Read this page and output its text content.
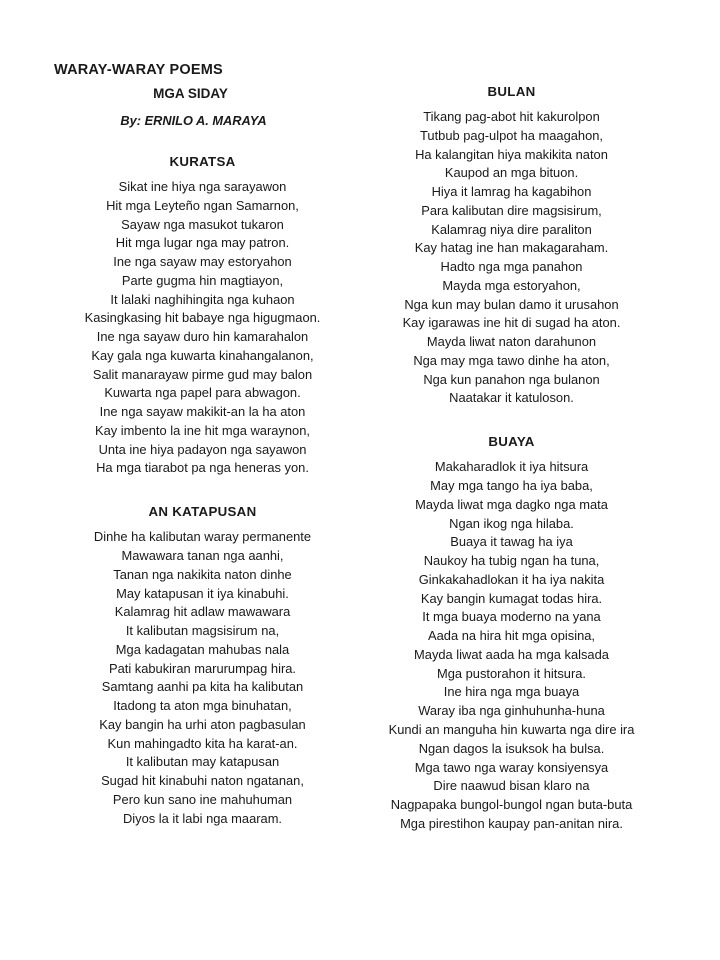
WARAY-WARAY POEMS
MGA SIDAY
By: ERNILO A. MARAYA
KURATSA
Sikat ine hiya nga sarayawon
Hit mga Leyteño ngan Samarnon,
Sayaw nga masukot tukaron
Hit mga lugar nga may patron.
Ine nga sayaw may estoryahon
Parte gugma hin magtiayon,
It lalaki naghihingita nga kuhaon
Kasingkasing hit babaye nga higugmaon.
Ine nga sayaw duro hin kamarahalon
Kay gala nga kuwarta kinahangalanon,
Salit manarayaw pirme gud may balon
Kuwarta nga papel para abwagon.
Ine nga sayaw makikit-an la ha aton
Kay imbento la ine hit mga waraynon,
Unta ine hiya padayon nga sayawon
Ha mga tiarabot pa nga heneras yon.
AN KATAPUSAN
Dinhe ha kalibutan waray permanente
Mawawara tanan nga aanhi,
Tanan nga nakikita naton dinhe
May katapusan it iya kinabuhi.
Kalamrag hit adlaw mawawara
It kalibutan magsisirum na,
Mga kadagatan mahubas nala
Pati kabukiran marurumpag hira.
Samtang aanhi pa kita ha kalibutan
Itadong ta aton mga binuhatan,
Kay bangin ha urhi aton pagbasulan
Kun mahingadto kita ha karat-an.
It kalibutan may katapusan
Sugad hit kinabuhi naton ngatanan,
Pero kun sano ine mahuhuman
Diyos la it labi nga maaram.
BULAN
Tikang pag-abot hit kakurolpon
Tutbub pag-ulpot ha maagahon,
Ha kalangitan hiya makikita naton
Kaupod an mga bituon.
Hiya it lamrag ha kagabihon
Para kalibutan dire magsisirum,
Kalamrag niya dire paraliton
Kay hatag ine han makagaraham.
Hadto nga mga panahon
Mayda mga estoryahon,
Nga kun may bulan damo it urusahon
Kay igarawas ine hit di sugad ha aton.
Mayda liwat naton darahunon
Nga may mga tawo dinhe ha aton,
Nga kun panahon nga bulanon
Naatakar it katuloson.
BUAYA
Makaharadlok it iya hitsura
May mga tango ha iya baba,
Mayda liwat mga dagko nga mata
Ngan ikog nga hilaba.
Buaya it tawag ha iya
Naukoy ha tubig ngan ha tuna,
Ginkakahadlokan it ha iya nakita
Kay bangin kumagat todas hira.
It mga buaya moderno na yana
Aada na hira hit mga opisina,
Mayda liwat aada ha mga kalsada
Mga pustorahon it hitsura.
Ine hira nga mga buaya
Waray iba nga ginhuhunha-huna
Kundi an manguha hin kuwarta nga dire ira
Ngan dagos la isuksok ha bulsa.
Mga tawo nga waray konsiyensya
Dire naawud bisan klaro na
Nagpapaka bungol-bungol ngan buta-buta
Mga pirestihon kaupay pan-anitan nira.
